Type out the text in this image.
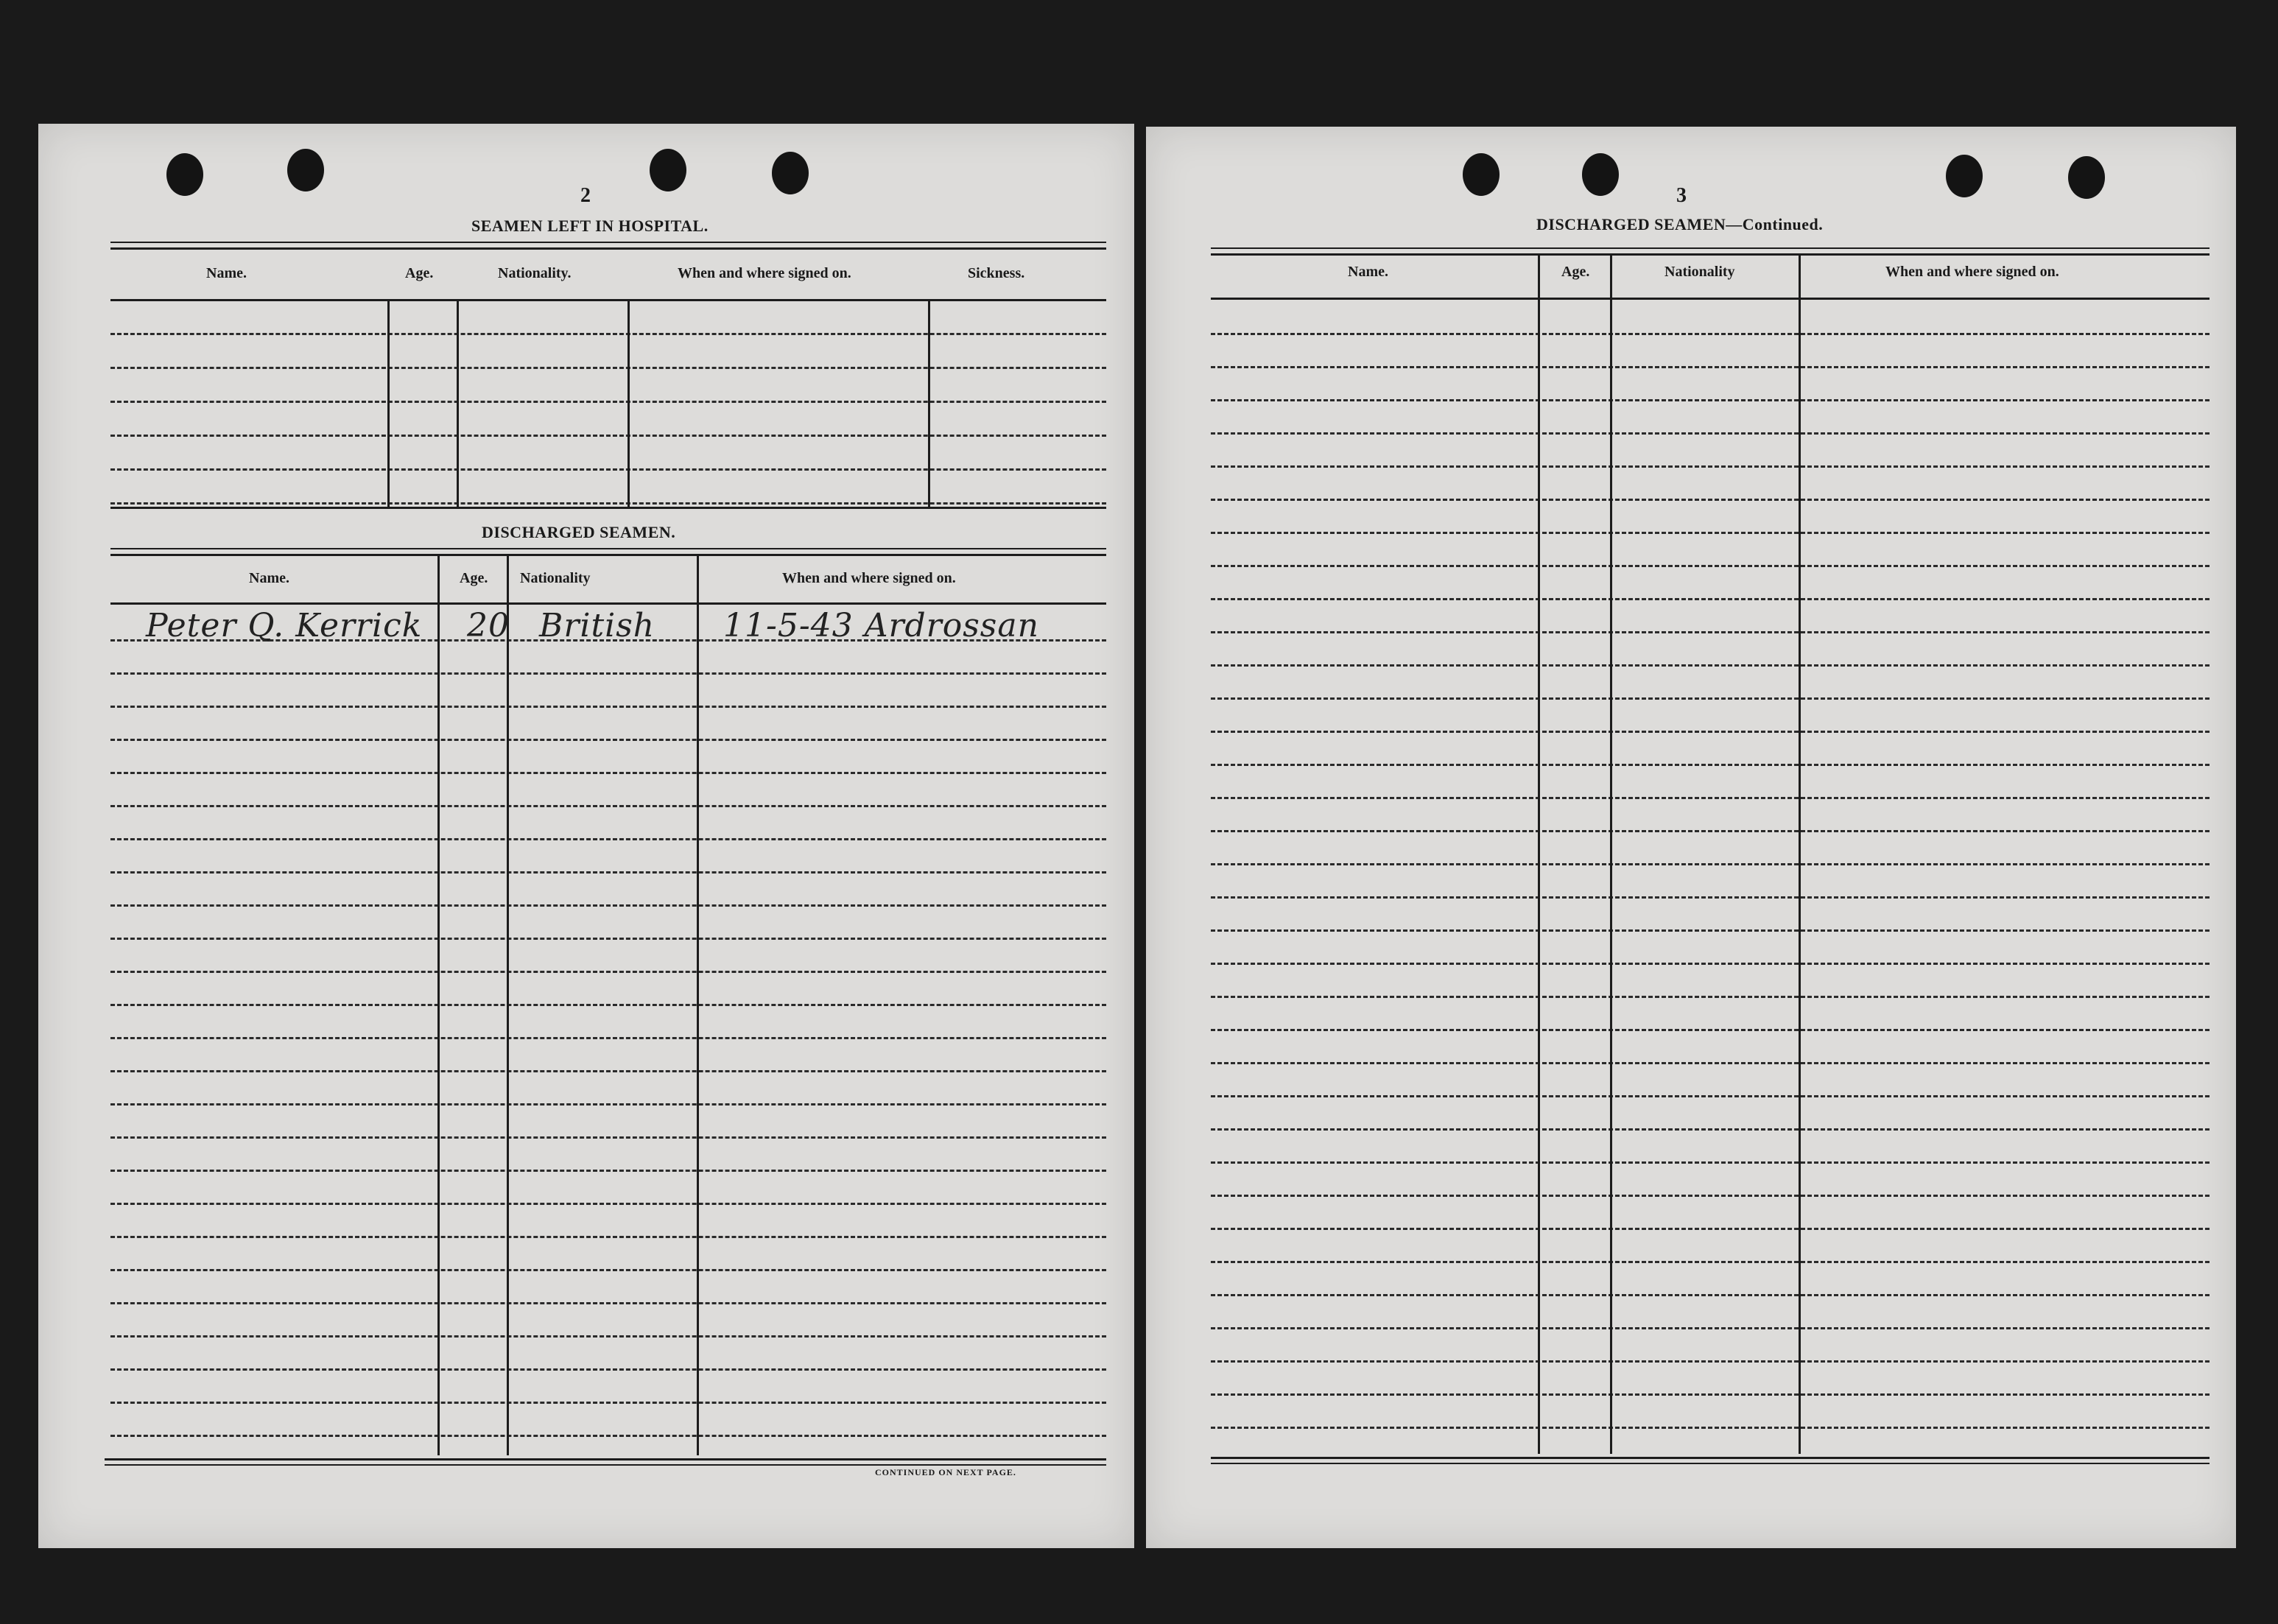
2
SEAMEN LEFT IN HOSPITAL.
Name.	Age.	Nationality.	When and where signed on.	Sickness.
DISCHARGED SEAMEN.
Name.	Age. Nationality	When and where signed on.
Peter Q. Kerrick 20 British 11-5-43 Ardrossan
CONTINUED ON NEXT PAGE.
3
DISCHARGED SEAMEN—Continued.
Name.	Age.	Nationality	When and where signed on.
